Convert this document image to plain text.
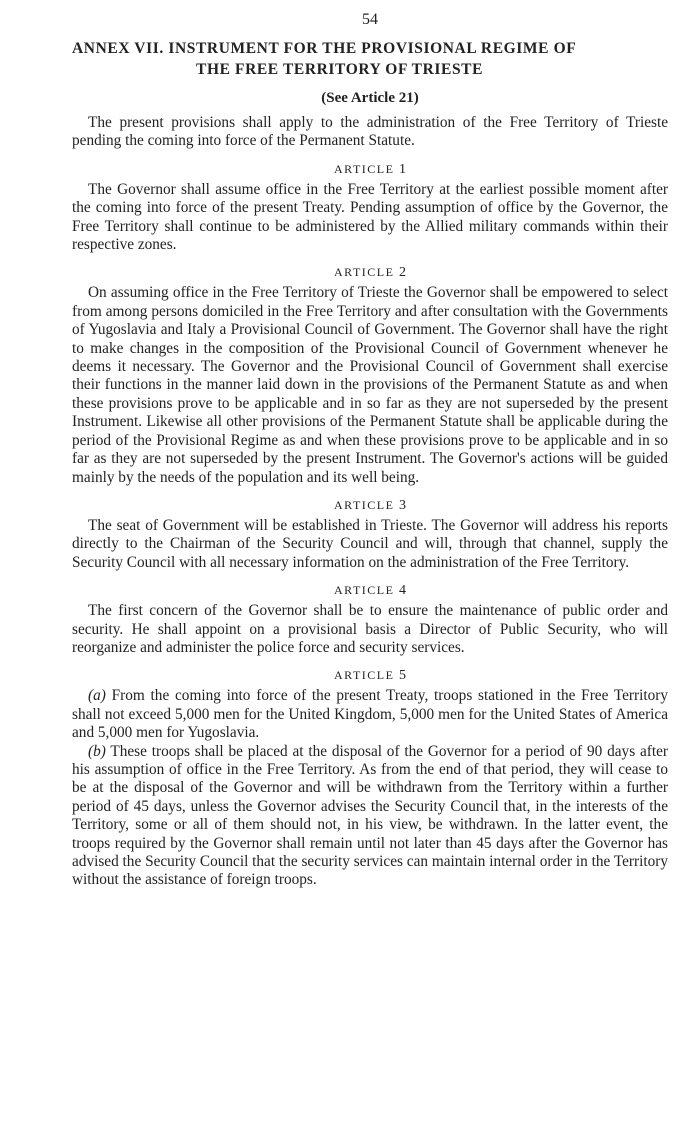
54
ANNEX VII. INSTRUMENT FOR THE PROVISIONAL REGIME OF
THE FREE TERRITORY OF TRIESTE
(See Article 21)

The present provisions shall apply to the administration of the Free Territory of Trieste pending the coming into force of the Permanent Statute.

ARTICLE 1

The Governor shall assume office in the Free Territory at the earliest possible moment after the coming into force of the present Treaty. Pending assumption of office by the Governor, the Free Territory shall continue to be administered by the Allied military commands within their respective zones.

ARTICLE 2

On assuming office in the Free Territory of Trieste the Governor shall be empowered to select from among persons domiciled in the Free Territory and after consultation with the Governments of Yugoslavia and Italy a Provisional Council of Government. The Governor shall have the right to make changes in the composition of the Provisional Council of Government whenever he deems it necessary. The Governor and the Provisional Council of Government shall exercise their functions in the manner laid down in the provisions of the Permanent Statute as and when these provisions prove to be applicable and in so far as they are not superseded by the present Instrument. Likewise all other provisions of the Permanent Statute shall be applicable during the period of the Provisional Regime as and when these provisions prove to be applicable and in so far as they are not superseded by the present Instrument. The Governor's actions will be guided mainly by the needs of the population and its well being.

ARTICLE 3

The seat of Government will be established in Trieste. The Governor will address his reports directly to the Chairman of the Security Council and will, through that channel, supply the Security Council with all necessary information on the administration of the Free Territory.

ARTICLE 4

The first concern of the Governor shall be to ensure the maintenance of public order and security. He shall appoint on a provisional basis a Director of Public Security, who will reorganize and administer the police force and security services.

ARTICLE 5

(a) From the coming into force of the present Treaty, troops stationed in the Free Territory shall not exceed 5,000 men for the United Kingdom, 5,000 men for the United States of America and 5,000 men for Yugoslavia.

(b) These troops shall be placed at the disposal of the Governor for a period of 90 days after his assumption of office in the Free Territory. As from the end of that period, they will cease to be at the disposal of the Governor and will be withdrawn from the Territory within a further period of 45 days, unless the Governor advises the Security Council that, in the interests of the Territory, some or all of them should not, in his view, be withdrawn. In the latter event, the troops required by the Governor shall remain until not later than 45 days after the Governor has advised the Security Council that the security services can maintain internal order in the Territory without the assistance of foreign troops.
